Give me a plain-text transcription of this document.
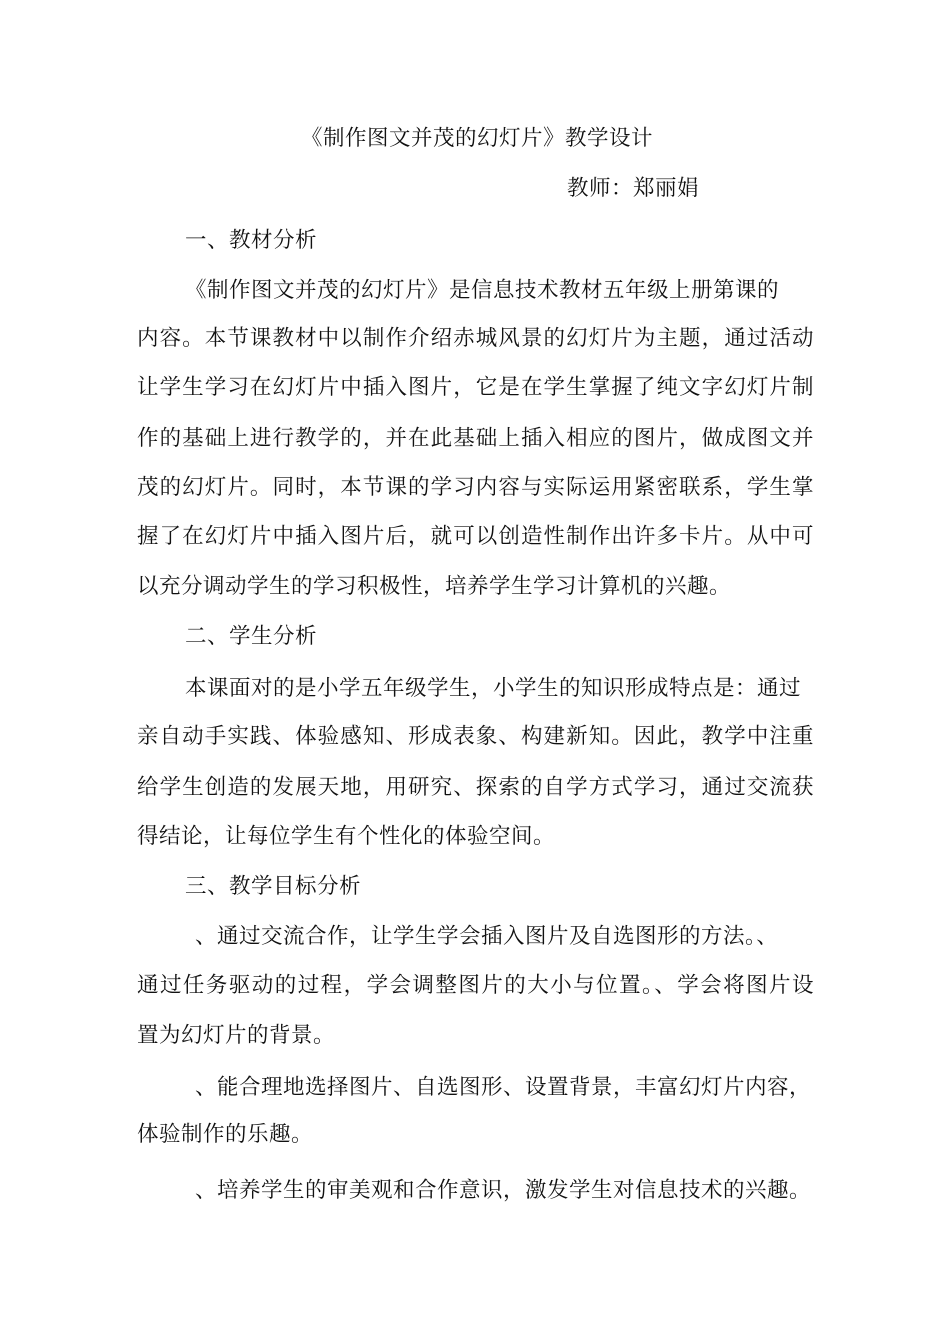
《制作图文并茂的幻灯片》教学设计
教师：郑丽娟
一、教材分析
《制作图文并茂的幻灯片》是信息技术教材五年级上册第课的
内容。本节课教材中以制作介绍赤城风景的幻灯片为主题，通过活动
让学生学习在幻灯片中插入图片，它是在学生掌握了纯文字幻灯片制
作的基础上进行教学的，并在此基础上插入相应的图片，做成图文并
茂的幻灯片。同时，本节课的学习内容与实际运用紧密联系，学生掌
握了在幻灯片中插入图片后，就可以创造性制作出许多卡片。从中可
以充分调动学生的学习积极性，培养学生学习计算机的兴趣。
二、学生分析
本课面对的是小学五年级学生，小学生的知识形成特点是：通过
亲自动手实践、体验感知、形成表象、构建新知。因此，教学中注重
给学生创造的发展天地，用研究、探索的自学方式学习，通过交流获
得结论，让每位学生有个性化的体验空间。
三、教学目标分析
、通过交流合作，让学生学会插入图片及自选图形的方法。、
通过任务驱动的过程，学会调整图片的大小与位置。、学会将图片设
置为幻灯片的背景。
、能合理地选择图片、自选图形、设置背景，丰富幻灯片内容，
体验制作的乐趣。
、培养学生的审美观和合作意识，激发学生对信息技术的兴趣。
